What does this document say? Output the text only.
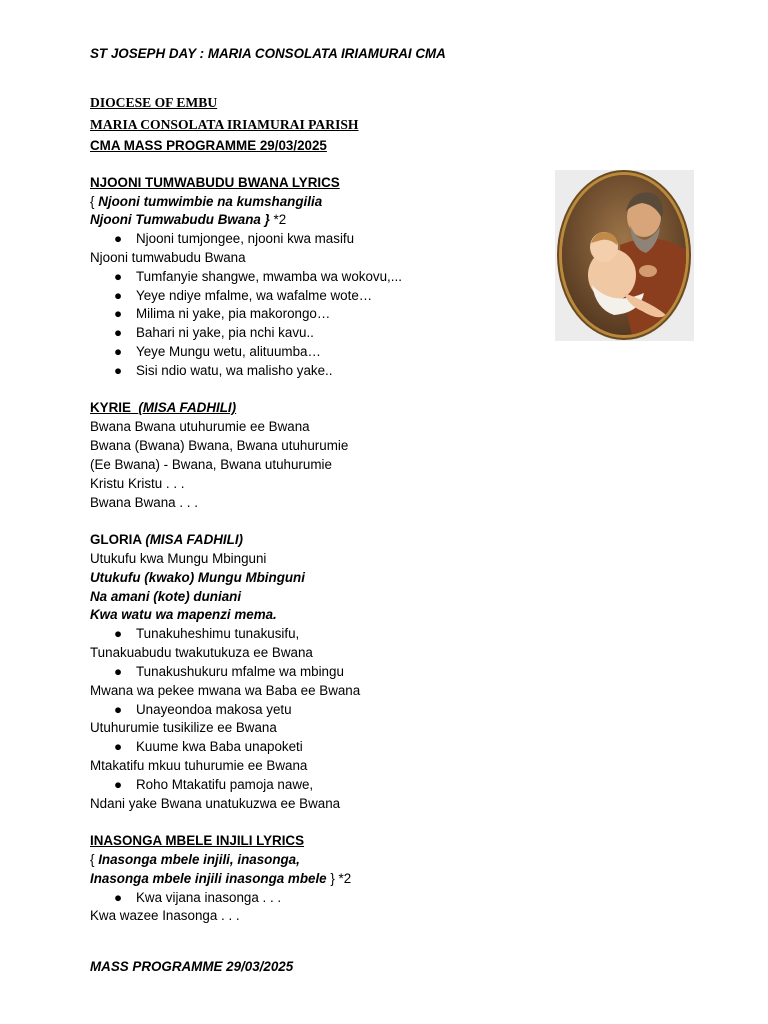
ST JOSEPH DAY : MARIA CONSOLATA IRIAMURAI CMA
DIOCESE OF EMBU
MARIA CONSOLATA IRIAMURAI PARISH
CMA MASS PROGRAMME 29/03/2025
NJOONI TUMWABUDU BWANA LYRICS
{ Njooni tumwimbie na kumshangilia
Njooni Tumwabudu Bwana } *2
● Njooni tumjongee, njooni kwa masifu
Njooni tumwabudu Bwana
● Tumfanyie shangwe, mwamba wa wokovu,...
● Yeye ndiye mfalme, wa wafalme wote…
● Milima ni yake, pia makorongo…
● Bahari ni yake, pia nchi kavu..
● Yeye Mungu wetu, alituumba…
● Sisi ndio watu, wa malisho yake..
KYRIE (MISA FADHILI)
Bwana Bwana utuhurumie ee Bwana
Bwana (Bwana) Bwana, Bwana utuhurumie
(Ee Bwana) - Bwana, Bwana utuhurumie
Kristu Kristu . . .
Bwana Bwana . . .
GLORIA (MISA FADHILI)
Utukufu kwa Mungu Mbinguni
Utukufu (kwako) Mungu Mbinguni
Na amani (kote) duniani
Kwa watu wa mapenzi mema.
● Tunakuheshimu tunakusifu,
Tunakuabudu twakutukuza ee Bwana
● Tunakushukuru mfalme wa mbingu
Mwana wa pekee mwana wa Baba ee Bwana
● Unayeondoa makosa yetu
Utuhurumie tusikilize ee Bwana
● Kuume kwa Baba unapoketi
Mtakatifu mkuu tuhurumie ee Bwana
● Roho Mtakatifu pamoja nawe,
Ndani yake Bwana unatukuzwa ee Bwana
INASONGA MBELE INJILI LYRICS
{ Inasonga mbele injili, inasonga,
Inasonga mbele injili inasonga mbele } *2
● Kwa vijana inasonga . . .
Kwa wazee Inasonga . . .
MASS PROGRAMME 29/03/2025
